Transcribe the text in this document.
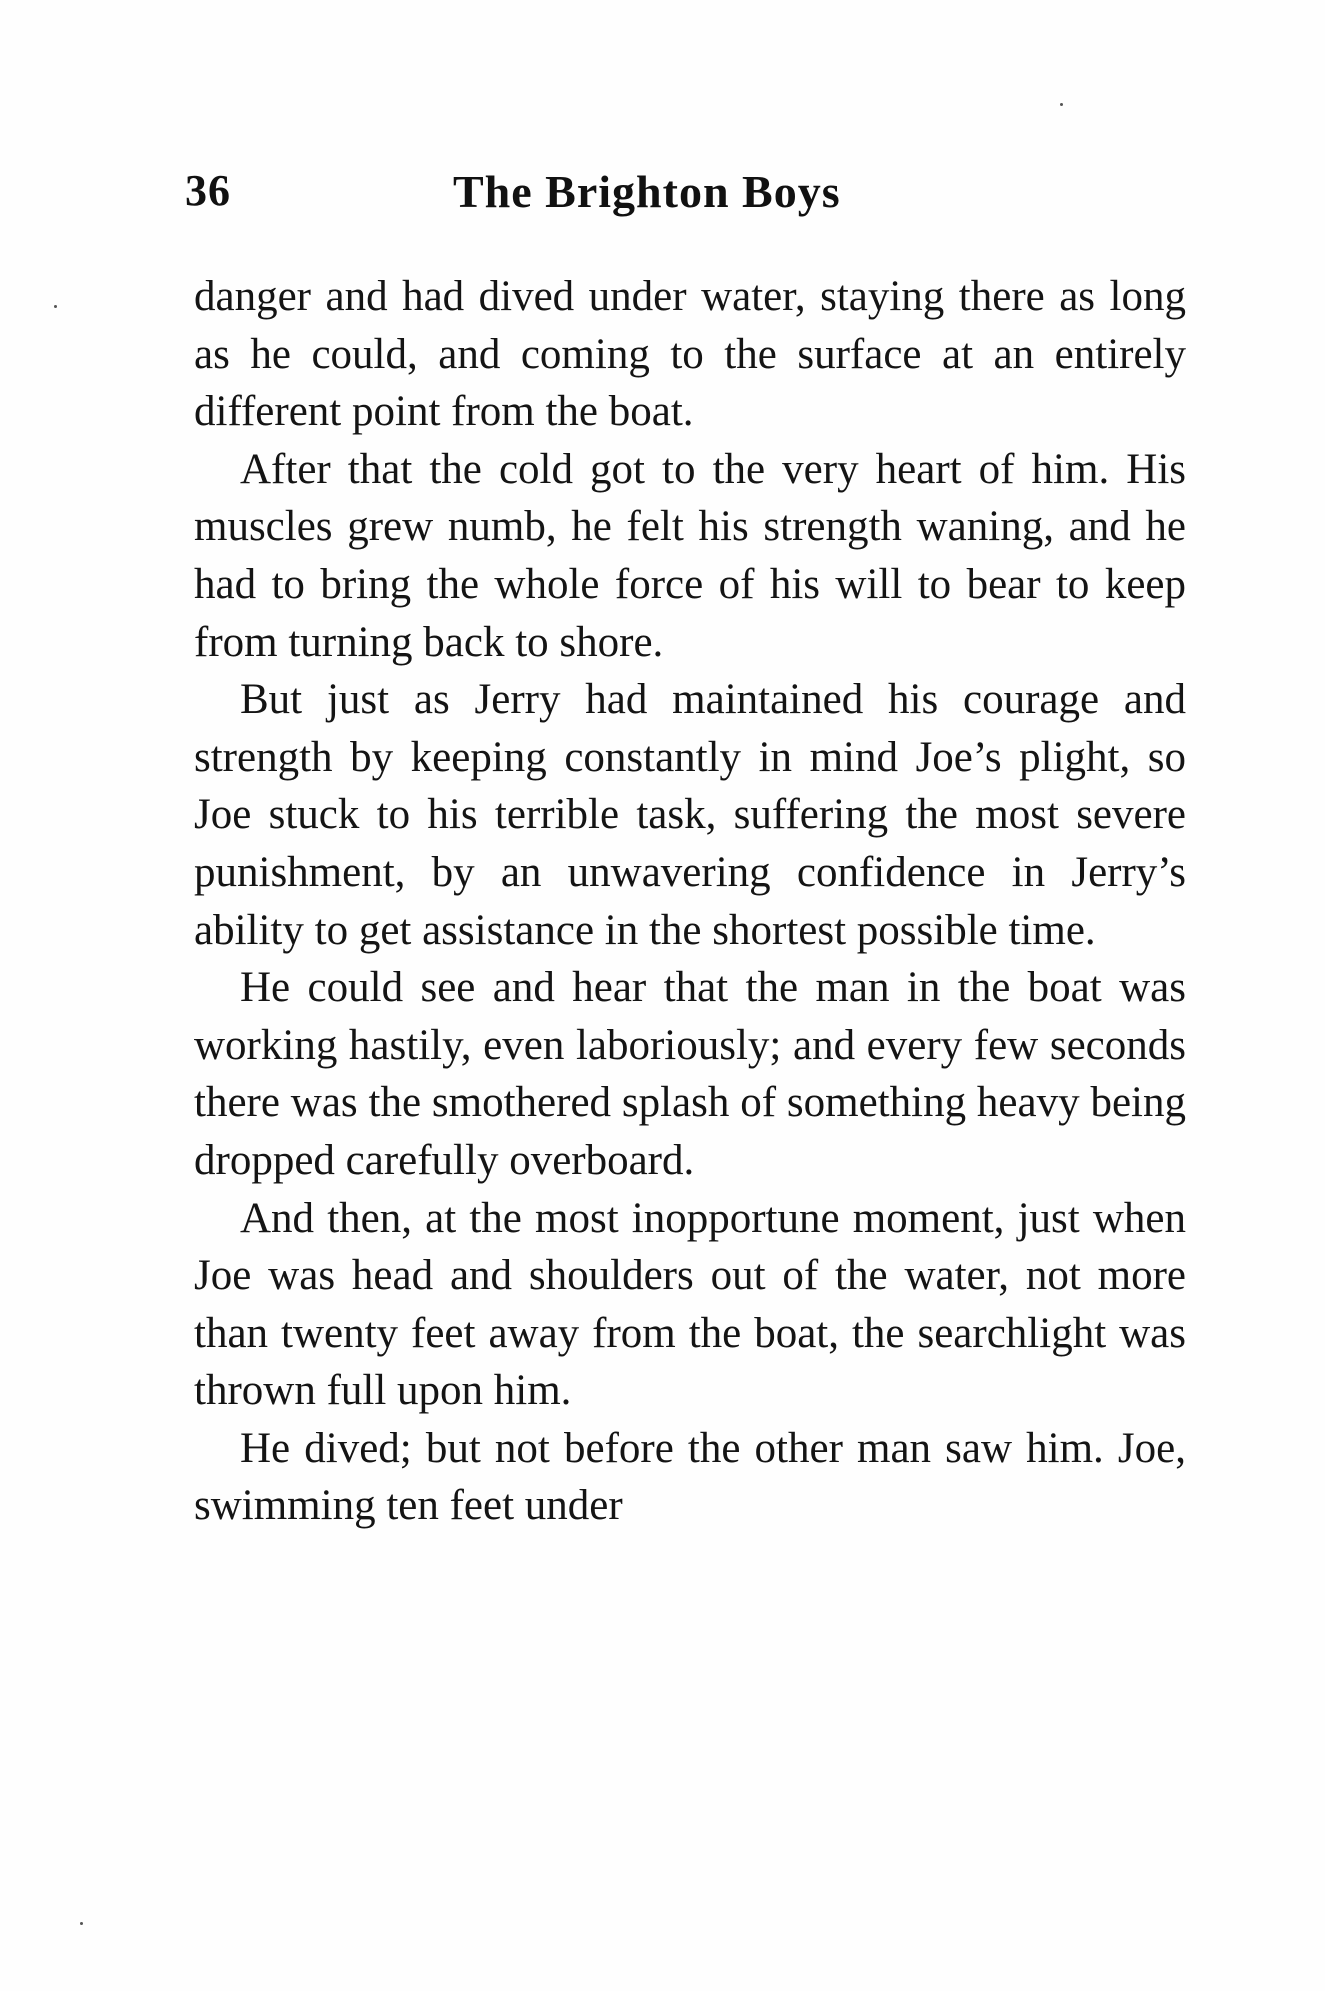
36	The Brighton Boys

danger and had dived under water, staying there as long as he could, and coming to the surface at an entirely different point from the boat.

After that the cold got to the very heart of him. His muscles grew numb, he felt his strength waning, and he had to bring the whole force of his will to bear to keep from turning back to shore.

But just as Jerry had maintained his courage and strength by keeping constantly in mind Joe’s plight, so Joe stuck to his terrible task, suffering the most severe punishment, by an unwavering confidence in Jerry’s ability to get assistance in the shortest possible time.

He could see and hear that the man in the boat was working hastily, even laboriously; and every few seconds there was the smothered splash of something heavy being dropped carefully overboard.

And then, at the most inopportune moment, just when Joe was head and shoulders out of the water, not more than twenty feet away from the boat, the searchlight was thrown full upon him.

He dived; but not before the other man saw him. Joe, swimming ten feet under
